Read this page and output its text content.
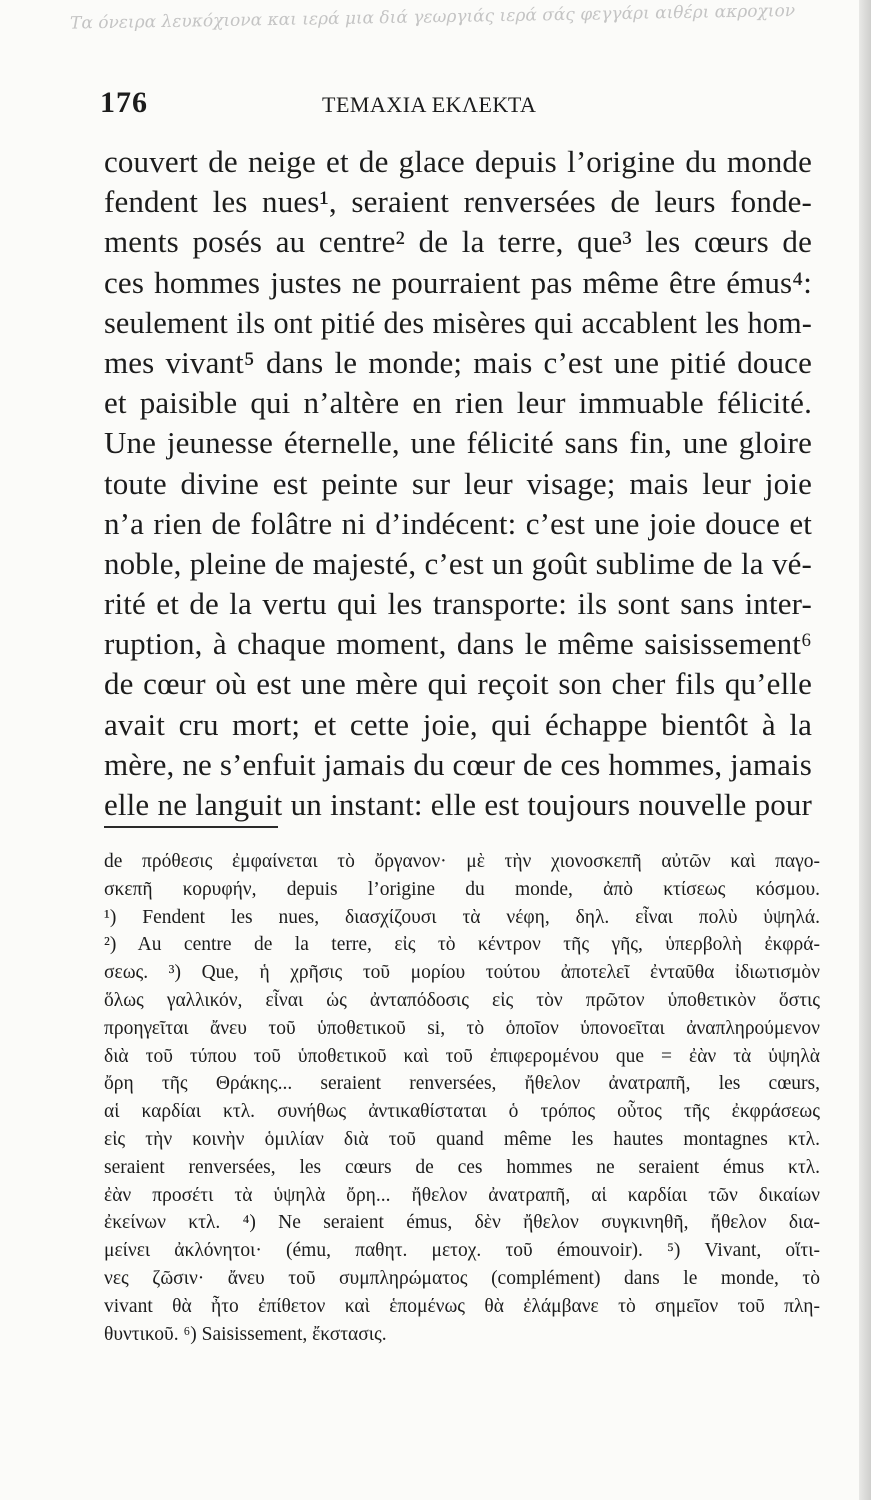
Τα όνειρα λευκόχιονα και ιερά μια διά γεωργιάς ιερά σάς φεγγάρι αιθέρι ακροχιον
176	ΤΕΜΑΧΙΑ ΕΚΛΕΚΤΑ
couvert de neige et de glace depuis l’origine du monde
fendent les nues¹, seraient renversées de leurs fonde-
ments posés au centre² de la terre, que³ les cœurs de
ces hommes justes ne pourraient pas même être émus⁴:
seulement ils ont pitié des misères qui accablent les hom-
mes vivant⁵ dans le monde; mais c’est une pitié douce
et paisible qui n’altère en rien leur immuable félicité.
Une jeunesse éternelle, une félicité sans fin, une gloire
toute divine est peinte sur leur visage; mais leur joie
n’a rien de folâtre ni d’indécent: c’est une joie douce et
noble, pleine de majesté, c’est un goût sublime de la vé-
rité et de la vertu qui les transporte: ils sont sans inter-
ruption, à chaque moment, dans le même saisissement⁶
de cœur où est une mère qui reçoit son cher fils qu’elle
avait cru mort; et cette joie, qui échappe bientôt à la
mère, ne s’enfuit jamais du cœur de ces hommes, jamais
elle ne languit un instant: elle est toujours nouvelle pour
de πρόθεσις ἐμφαίνεται τὸ ὄργανον· μὲ τὴν χιονοσκεπῆ αὐτῶν καὶ παγο-
σκεπῆ κορυφήν, depuis l’origine du monde, ἀπὸ κτίσεως κόσμου.
¹) Fendent les nues, διασχίζουσι τὰ νέφη, δηλ. εἶναι πολὺ ὑψηλά.
²) Au centre de la terre, εἰς τὸ κέντρον τῆς γῆς, ὑπερβολὴ ἐκφρά-
σεως. ³) Que, ἡ χρῆσις τοῦ μορίου τούτου ἀποτελεῖ ἐνταῦθα ἰδιωτισμὸν
ὅλως γαλλικόν, εἶναι ὡς ἀνταπόδοσις εἰς τὸν πρῶτον ὑποθετικὸν ὅστις
προηγεῖται ἄνευ τοῦ ὑποθετικοῦ si, τὸ ὁποῖον ὑπονοεῖται ἀναπληρούμενον
διὰ τοῦ τύπου τοῦ ὑποθετικοῦ καὶ τοῦ ἐπιφερομένου que = ἐὰν τὰ ὑψηλὰ
ὄρη τῆς Θράκης... seraient renversées, ἤθελον ἀνατραπῆ, les cœurs,
αἱ καρδίαι κτλ. συνήθως ἀντικαθίσταται ὁ τρόπος οὗτος τῆς ἐκφράσεως
εἰς τὴν κοινὴν ὁμιλίαν διὰ τοῦ quand même les hautes montagnes κτλ.
seraient renversées, les cœurs de ces hommes ne seraient émus κτλ.
ἐὰν προσέτι τὰ ὑψηλὰ ὄρη... ἤθελον ἀνατραπῆ, αἱ καρδίαι τῶν δικαίων
ἐκείνων κτλ. ⁴) Ne seraient émus, δὲν ἤθελον συγκινηθῆ, ἤθελον δια-
μείνει ἀκλόνητοι· (ému, παθητ. μετοχ. τοῦ émouvoir). ⁵) Vivant, οἵτι-
νες ζῶσιν· ἄνευ τοῦ συμπληρώματος (complément) dans le monde, τὸ
vivant θὰ ἦτο ἐπίθετον καὶ ἑπομένως θὰ ἐλάμβανε τὸ σημεῖον τοῦ πλη-
θυντικοῦ. ⁶) Saisissement, ἔκστασις.
